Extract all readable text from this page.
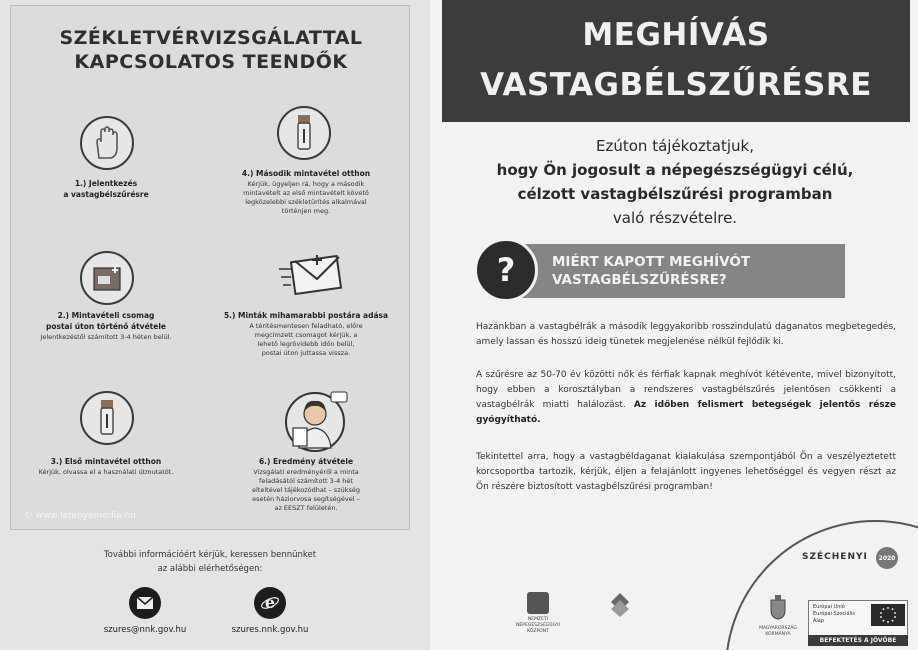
SZÉKLETVÉRVIZSGÁLATTAL
KAPCSOLATOS TEENDŐK
1.) Jelentkezés
a vastagbélszűrésre
4.) Második mintavétel otthon
Kérjük, ügyeljen rá, hogy a második mintavételt az első mintavételt követő legközelebbi székletürítés alkalmával történjen meg.
2.) Mintavételi csomag
postai úton történő átvétele
Jelentkezéstől számított 3-4 héten belül.
5.) Minták mihamarabbi postára adása
A térítésmentesen feladható, előre megcímzett csomagot kérjük, a lehető legrövidebb időn belül, postai úton juttassa vissza.
3.) Első mintavétel otthon
Kérjük, olvassa el a használati útmutatót.
6.) Eredmény átvétele
Vizsgálati eredményéről a minta feladásától számított 3-4 hét elteltével tájékozódhat – szükség esetén háziorvosa segítségével – az EESZT felületén.
© www.letenyemedia.hu
További információért kérjük, keressen bennünket
az alábbi elérhetőségen:
szures@nnk.gov.hu
e
szures.nnk.gov.hu
MEGHÍVÁS
VASTAGBÉLSZŰRÉSRE
Ezúton tájékoztatjuk,
hogy Ön jogosult a népegészségügyi célú,
célzott vastagbélszűrési programban
való részvételre.
MIÉRT KAPOTT MEGHÍVÓT
VASTAGBÉLSZŰRÉSRE?
?
Hazánkban a vastagbélrák a második leggyakoribb rosszindulatú daganatos megbetegedés, amely lassan és hosszú ideig tünetek megjelenése nélkül fejlődik ki.
A szűrésre az 50-70 év közötti nők és férfiak kapnak meghívót kétévente, mivel bizonyított, hogy ebben a korosztályban a rendszeres vastagbélszűrés jelentősen csökkenti a vastagbélrák miatti halálozást. Az időben felismert betegségek jelentős része gyógyítható.
Tekintettel arra, hogy a vastagbéldaganat kialakulása szempontjából Ön a veszélyeztetett korcsoportba tartozik, kérjük, éljen a felajánlott ingyenes lehetőséggel és vegyen részt az Ön részére biztosított vastagbélszűrési programban!
SZÉCHENYI	2020
NEMZETI
NÉPEGÉSZSÉGÜGYI
KÖZPONT
MAGYARORSZÁG
KORMÁNYA
Európai Unió
Európai Szociális
Alap
BEFEKTETÉS A JÖVŐBE
